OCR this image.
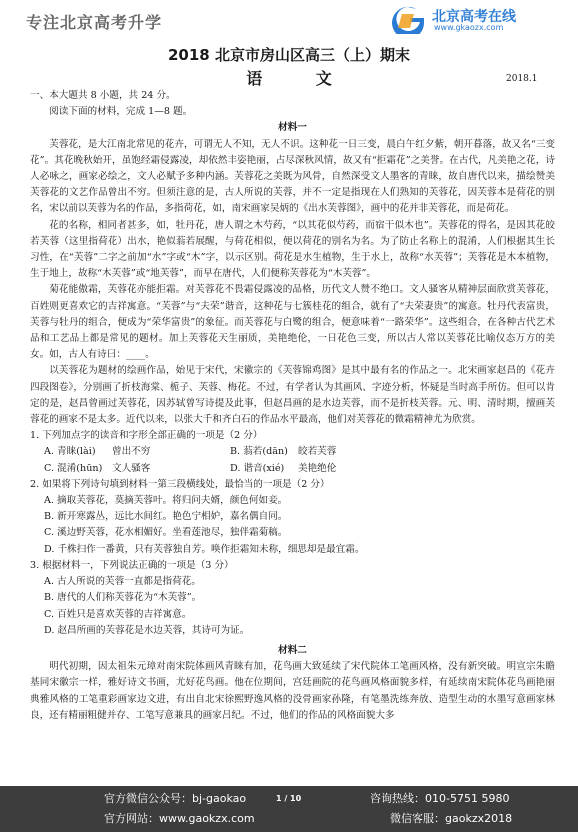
专注北京高考升学	北京高考在线
www.gkaozx.com
2018 北京市房山区高三（上）期末
语 文	2018.1

一、本大题共 8 小题，共 24 分。

阅读下面的材料，完成 1—8 题。

材料一

芙蓉花，是大江南北常见的花卉，可谓无人不知，无人不识。这种花一日三变，晨白午红夕紫，朝开暮落，故又名“三变花”。其花晚秋始开，虽饱经霜侵露凌，却依然丰姿艳丽，占尽深秋风情，故又有“拒霜花”之美誉。在古代，凡美艳之花，诗人必咏之，画家必绘之，文人必赋予多种内涵。芙蓉花之美既为风骨，自然深受文人墨客的青睐，故自唐代以来，描绘赞美芙蓉花的文艺作品曾出不穷。但须注意的是，古人所说的芙蓉，并不一定是指现在人们熟知的芙蓉花，因芙蓉本是荷花的别名，宋以前以芙蓉为名的作品，多指荷花，如，南宋画家吴炳的《出水芙蓉图》，画中的花并非芙蓉花，而是荷花。

花的名称，相同者甚多，如，牡丹花，唐人谓之木芍药，“以其花似芍药，而宿干似木也”。芙蓉花的得名，是因其花皎若芙蓉（这里指荷花）出水，艳似蓊若展醒，与荷花相似，便以荷花的别名为名。为了防止名称上的混淆，人们根据其生长习性，在“芙蓉”二字之前加“水”字或“木”字，以示区别。荷花是水生植物，生于水上，故称“水芙蓉”；芙蓉花是木本植物，生于地上，故称“木芙蓉”或“地芙蓉”，而早在唐代，人们便称芙蓉花为“木芙蓉”。

菊花能傲霜，芙蓉花亦能拒霜。对芙蓉花不畏霜侵露凌的品格，历代文人赞不绝口。文人骚客从精神层面欣赏芙蓉花，百姓则更喜欢它的吉祥寓意。“芙蓉”与“夫荣”谐音，这种花与七簇桂花的组合，就有了“夫荣妻贵”的寓意。牡丹代表富贵，芙蓉与牡丹的组合，便成为“荣华富贵”的象征。而芙蓉花与白鹭的组合，便意味着“一路荣华”。这些组合，在各种古代艺术品和工艺品上都是常见的题材。加上芙蓉花天生丽质，美艳绝伦，一日花色三变，所以古人常以芙蓉花比喻仪态万方的美女。如，古人有诗曰：____。

以芙蓉花为题材的绘画作品，始见于宋代，宋徽宗的《芙蓉锦鸡图》是其中最有名的作品之一。北宋画家赵昌的《花卉四段图卷》，分别画了折枝海棠、栀子、芙蓉、梅花。不过，有学者认为其画风、字迹分析，怀疑是当时高手所仿。但可以肯定的是，赵昌曾画过芙蓉花，因苏轼曾写诗提及此事，但赵昌画的是水边芙蓉，而不是折枝芙蓉。元、明、清时期，擅画芙蓉花的画家不是太多。近代以来，以张大千和齐白石的作品水平最高，他们对芙蓉花的微霜精神尤为欣赏。

1. 下列加点字的读音和字形全部正确的一项是（2 分）

A. 青睐(lài)	曾出不穷	B. 蓊若(dān)	皎若芙蓉
C. 混淆(hūn)	文人骚客	D. 谐音(xié)	美艳绝伦

2. 如果将下列诗句填到材料一第三段横线处，最恰当的一项是（2 分）

A. 摘取芙蓉花，莫摘芙蓉叶。将归问夫婿，颜色何如妾。

B. 新开寒露丛，远比水间红。艳色宁相妒，嘉名偶自同。

C. 溪边野芙蓉，花水相媚好。坐看莲池尽，独伴霜菊稿。

D. 千株扫作一番黄，只有芙蓉独自芳。唤作拒霜知未称，细思却是最宜霜。

3. 根据材料一，下列说法正确的一项是（3 分）

A. 古人所说的芙蓉一直都是指荷花。

B. 唐代的人们称芙蓉花为“木芙蓉”。

C. 百姓只是喜欢芙蓉的吉祥寓意。

D. 赵昌所画的芙蓉花是水边芙蓉，其诗可为证。

材料二

明代初期，因太祖朱元璋对南宋院体画风青睐有加，花鸟画大致延续了宋代院体工笔画风格，没有新突破。明宣宗朱瞻基同宋徽宗一样，雅好诗文书画，尤好花鸟画。他在位期间，宫廷画院的花鸟画风格面貌多样，有延续南宋院体花鸟画艳丽典雅风格的工笔重彩画家边文进，有出自北宋徐熙野逸风格的没骨画家孙隆，有笔墨洗练奔放、造型生动的水墨写意画家林良，还有精丽粗健并存、工笔写意兼具的画家吕纪。不过，他们的作品的风格面貌大多

官方微信公众号：bj-gaokao
官方网站：www.gaokzx.com
1 / 10	咨询热线：010-5751 5980
微信客服：gaokzx2018
